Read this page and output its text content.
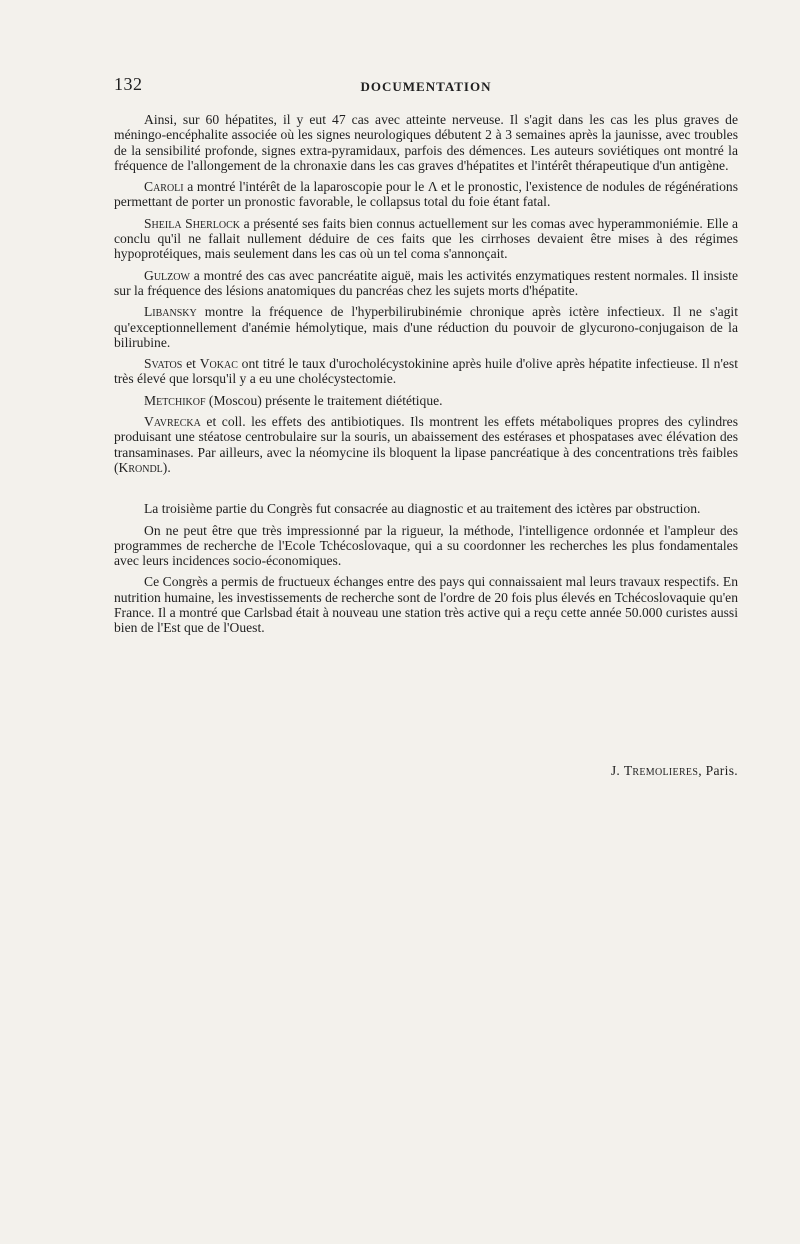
132	DOCUMENTATION

Ainsi, sur 60 hépatites, il y eut 47 cas avec atteinte nerveuse. Il s'agit dans les cas les plus graves de méningo-encéphalite associée où les signes neurologiques débutent 2 à 3 semaines après la jaunisse, avec troubles de la sensibilité profonde, signes extra-pyramidaux, parfois des démences. Les auteurs soviétiques ont montré la fréquence de l'allongement de la chronaxie dans les cas graves d'hépatites et l'intérêt thérapeutique d'un antigène.

Caroli a montré l'intérêt de la laparoscopie pour le Λ et le pronostic, l'existence de nodules de régénérations permettant de porter un pronostic favorable, le collapsus total du foie étant fatal.

Sheila Sherlock a présenté ses faits bien connus actuellement sur les comas avec hyperammoniémie. Elle a conclu qu'il ne fallait nullement déduire de ces faits que les cirrhoses devaient être mises à des régimes hypoprotéiques, mais seulement dans les cas où un tel coma s'annonçait.

Gulzow a montré des cas avec pancréatite aiguë, mais les activités enzymatiques restent normales. Il insiste sur la fréquence des lésions anatomiques du pancréas chez les sujets morts d'hépatite.

Libansky montre la fréquence de l'hyperbilirubinémie chronique après ictère infectieux. Il ne s'agit qu'exceptionnellement d'anémie hémolytique, mais d'une réduction du pouvoir de glycurono-conjugaison de la bilirubine.

Svatos et Vokac ont titré le taux d'urocholécystokinine après huile d'olive après hépatite infectieuse. Il n'est très élevé que lorsqu'il y a eu une cholécystectomie.

Metchikof (Moscou) présente le traitement diététique.

Vavrecka et coll. les effets des antibiotiques. Ils montrent les effets métaboliques propres des cylindres produisant une stéatose centrobulaire sur la souris, un abaissement des estérases et phospatases avec élévation des transaminases. Par ailleurs, avec la néomycine ils bloquent la lipase pancréatique à des concentrations très faibles (Krondl).

La troisième partie du Congrès fut consacrée au diagnostic et au traitement des ictères par obstruction.

On ne peut être que très impressionné par la rigueur, la méthode, l'intelligence ordonnée et l'ampleur des programmes de recherche de l'Ecole Tchécoslovaque, qui a su coordonner les recherches les plus fondamentales avec leurs incidences socio-économiques.

Ce Congrès a permis de fructueux échanges entre des pays qui connaissaient mal leurs travaux respectifs. En nutrition humaine, les investissements de recherche sont de l'ordre de 20 fois plus élevés en Tchécoslovaquie qu'en France. Il a montré que Carlsbad était à nouveau une station très active qui a reçu cette année 50.000 curistes aussi bien de l'Est que de l'Ouest.

J. Tremolieres, Paris.
